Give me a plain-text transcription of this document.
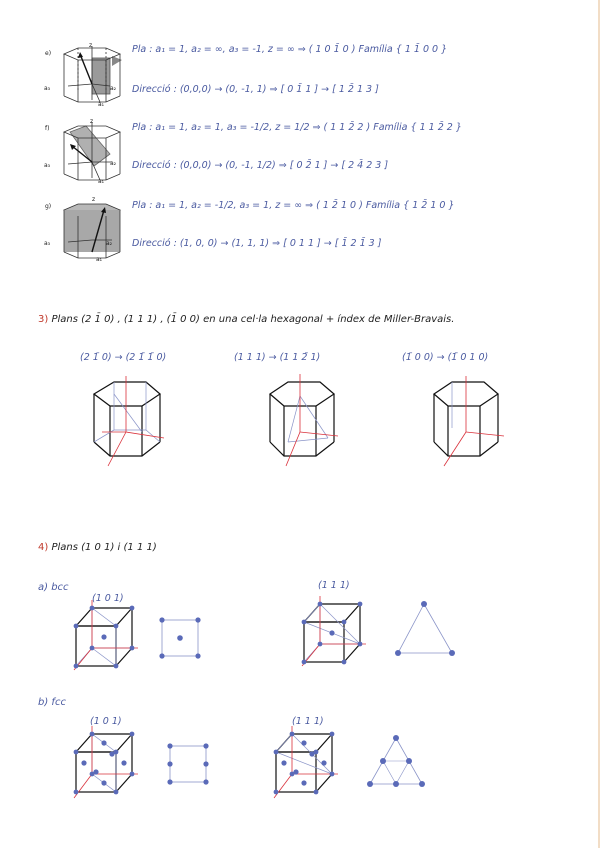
e)	Pla : a₁ = 1, a₂ = ∞, a₃ = -1, z = ∞ ⇒ ( 1 0 1̄ 0 ) Família { 1 1̄ 0 0 }
Direcció : (0,0,0) → (0, -1, 1) ⇒ [ 0 1̄ 1 ] → [ 1 2̄ 1 3 ]
f)	Pla : a₁ = 1, a₂ = 1, a₃ = -1/2, z = 1/2 ⇒ ( 1 1 2̄ 2 ) Família { 1 1 2̄ 2 }
Direcció : (0,0,0) → (0, -1, 1/2) ⇒ [ 0 2̄ 1 ] → [ 2 4̄ 2 3 ]
g)	Pla : a₁ = 1, a₂ = -1/2, a₃ = 1, z = ∞ ⇒ ( 1 2̄ 1 0 ) Família { 1 2̄ 1 0 }
Direcció : (1, 0, 0) → (1, 1, 1) ⇒ [ 0 1 1 ] → [ 1̄ 2 1̄ 3 ]
z
a₃	a₂
a₁
z
a₃	a₂
a₁
z
a₃	a₂
a₁
3) Plans (2 1̄ 0) , (1 1 1) , (1̄ 0 0) en una cel·la hexagonal + índex de Miller-Bravais.
(2 1̄ 0) → (2 1̄ 1̄ 0)	(1 1 1) → (1 1 2̄ 1)	(1̄ 0 0) → (1̄ 0 1 0)
4) Plans (1 0 1) i (1 1 1)
a) bcc
(1 0 1)
(1 1 1)
b) fcc
(1 0 1)	(1 1 1)
